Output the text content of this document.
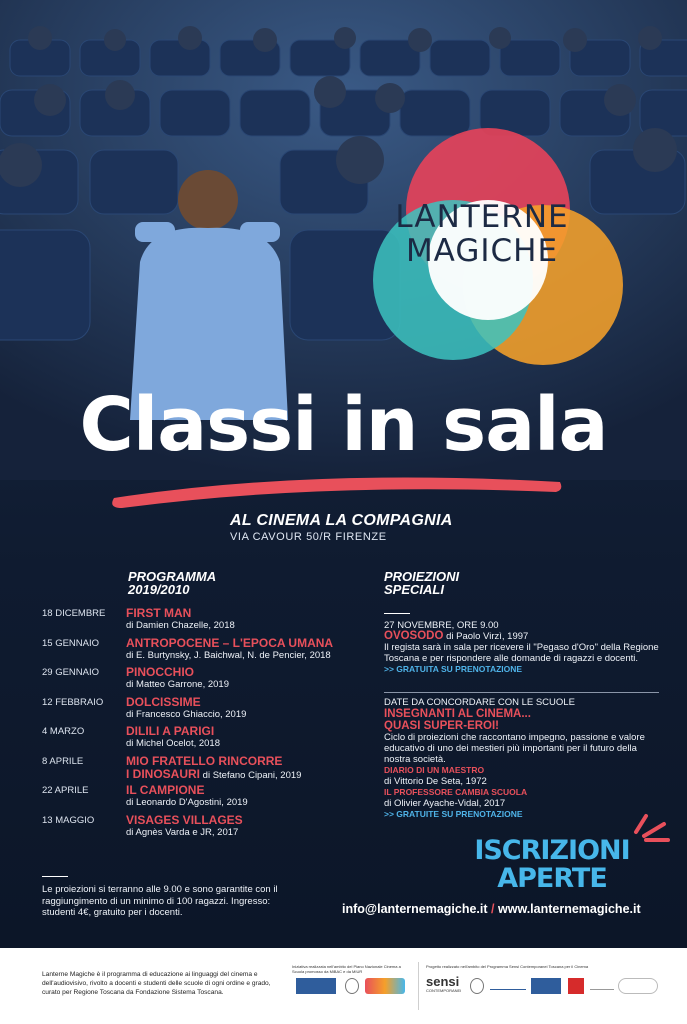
LANTERNE
MAGICHE
Classi in sala
AL CINEMA LA COMPAGNIA
VIA CAVOUR 50/R FIRENZE
PROGRAMMA
2019/2010
18 DICEMBRE FIRST MAN
di Damien Chazelle, 2018
15 GENNAIO ANTROPOCENE – L'EPOCA UMANA
di E. Burtynsky, J. Baichwal, N. de Pencier, 2018
29 GENNAIO PINOCCHIO
di Matteo Garrone, 2019
12 FEBBRAIO DOLCISSIME
di Francesco Ghiaccio, 2019
4 MARZO	DILILI A PARIGI
di Michel Ocelot, 2018
8 APRILE	MIO FRATELLO RINCORRE
I DINOSAURI di Stefano Cipani, 2019
22 APRILE	IL CAMPIONE
di Leonardo D'Agostini, 2019
13 MAGGIO	VISAGES VILLAGES
di Agnès Varda e JR, 2017
PROIEZIONI
SPECIALI
27 NOVEMBRE, ORE 9.00
OVOSODO di Paolo Virzì, 1997
Il regista sarà in sala per ricevere il "Pegaso d'Oro" della Regione Toscana e per rispondere alle domande di ragazzi e docenti.
>> GRATUITA SU PRENOTAZIONE
DATE DA CONCORDARE CON LE SCUOLE
INSEGNANTI AL CINEMA...
QUASI SUPER-EROI!
Ciclo di proiezioni che raccontano impegno, passione e valore educativo di uno dei mestieri più importanti per il futuro della nostra società.
DIARIO DI UN MAESTRO
di Vittorio De Seta, 1972
IL PROFESSORE CAMBIA SCUOLA
di Olivier Ayache-Vidal, 2017
>> GRATUITE SU PRENOTAZIONE
ISCRIZIONI
APERTE
Le proiezioni si terranno alle 9.00 e sono garantite con il raggiungimento di un minimo di 100 ragazzi. Ingresso: studenti 4€, gratuito per i docenti.	info@lanternemagiche.it / www.lanternemagiche.it
Lanterne Magiche è il programma di educazione ai linguaggi del cinema e dell'audiovisivo, rivolto a docenti e studenti delle scuole di ogni ordine e grado, curato per Regione Toscana da Fondazione Sistema Toscana.
Iniziativa realizzata nell'ambito del Piano Nazionale Cinema a Scuola promosso da MiBAC e da MIUR
Progetto realizzato nell'ambito del Programma Sensi Contemporanei Toscana per il Cinema
sensi
CONTEMPORANEI
